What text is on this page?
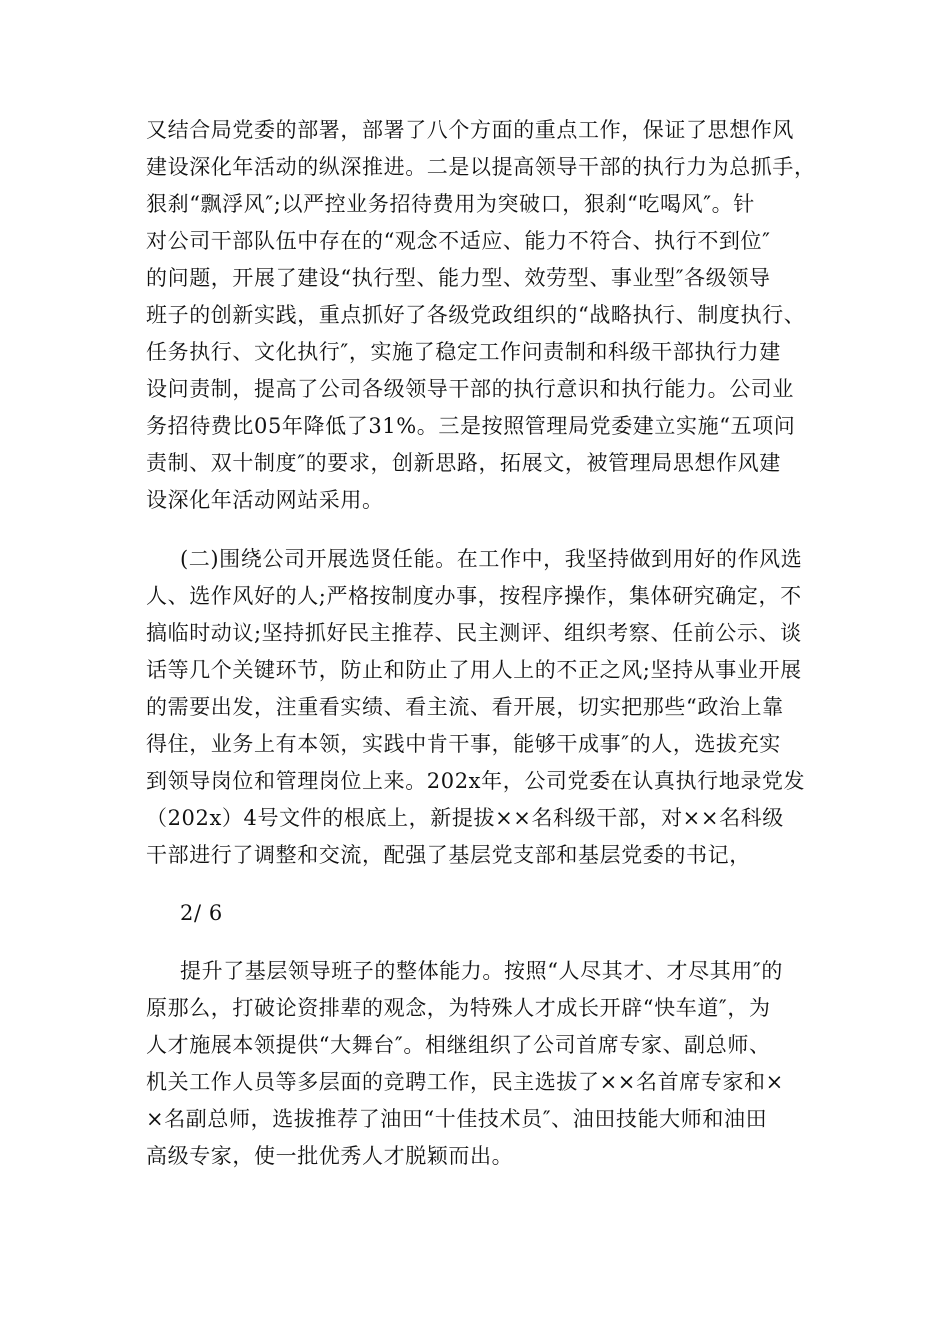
又结合局党委的部署，部署了八个方面的重点工作，保证了思想作风
建设深化年活动的纵深推进。二是以提高领导干部的执行力为总抓手，
狠刹“飘浮风″;以严控业务招待费用为突破口，狠刹“吃喝风″。针
对公司干部队伍中存在的“观念不适应、能力不符合、执行不到位″
的问题，开展了建设“执行型、能力型、效劳型、事业型″各级领导
班子的创新实践，重点抓好了各级党政组织的“战略执行、制度执行、
任务执行、文化执行″，实施了稳定工作问责制和科级干部执行力建
设问责制，提高了公司各级领导干部的执行意识和执行能力。公司业
务招待费比05年降低了31%。三是按照管理局党委建立实施“五项问
责制、双十制度″的要求，创新思路，拓展文，被管理局思想作风建
设深化年活动网站采用。
(二)围绕公司开展选贤任能。在工作中，我坚持做到用好的作风选
人、选作风好的人;严格按制度办事，按程序操作，集体研究确定，不
搞临时动议;坚持抓好民主推荐、民主测评、组织考察、任前公示、谈
话等几个关键环节，防止和防止了用人上的不正之风;坚持从事业开展
的需要出发，注重看实绩、看主流、看开展，切实把那些“政治上靠
得住，业务上有本领，实践中肯干事，能够干成事″的人，选拔充实
到领导岗位和管理岗位上来。202x年，公司党委在认真执行地录党发
（202x）4号文件的根底上，新提拔××名科级干部，对××名科级
干部进行了调整和交流，配强了基层党支部和基层党委的书记，
2/ 6
提升了基层领导班子的整体能力。按照“人尽其才、才尽其用″的
原那么，打破论资排辈的观念，为特殊人才成长开辟“快车道″，为
人才施展本领提供“大舞台″。相继组织了公司首席专家、副总师、
机关工作人员等多层面的竞聘工作，民主选拔了××名首席专家和×
×名副总师，选拔推荐了油田“十佳技术员″、油田技能大师和油田
高级专家，使一批优秀人才脱颖而出。
